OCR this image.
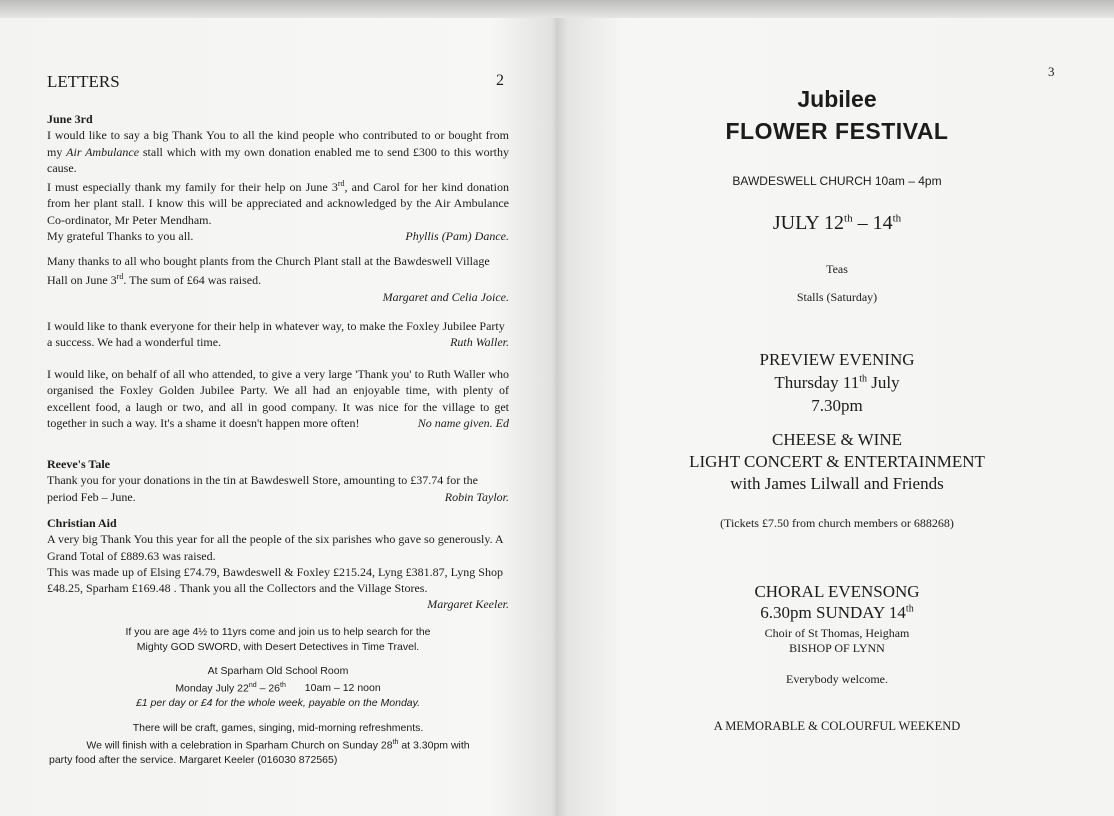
LETTERS	2

June 3rd

I would like to say a big Thank You to all the kind people who contributed to or bought from my Air Ambulance stall which with my own donation enabled me to send £300 to this worthy cause.

I must especially thank my family for their help on June 3rd, and Carol for her kind donation from her plant stall. I know this will be appreciated and acknowledged by the Air Ambulance Co-ordinator, Mr Peter Mendham.

My grateful Thanks to you all.	Phyllis (Pam) Dance.

Many thanks to all who bought plants from the Church Plant stall at the Bawdeswell Village Hall on June 3rd. The sum of £64 was raised.

Margaret and Celia Joice.

I would like to thank everyone for their help in whatever way, to make the Foxley Jubilee Party a success. We had a wonderful time.	Ruth Waller.

I would like, on behalf of all who attended, to give a very large 'Thank you' to Ruth Waller who organised the Foxley Golden Jubilee Party. We all had an enjoyable time, with plenty of excellent food, a laugh or two, and all in good company. It was nice for the village to get together in such a way. It's a shame it doesn't happen more often!	No name given. Ed

Reeve's Tale

Thank you for your donations in the tin at Bawdeswell Store, amounting to £37.74 for the period Feb – June.	Robin Taylor.

Christian Aid

A very big Thank You this year for all the people of the six parishes who gave so generously. A Grand Total of £889.63 was raised.

This was made up of Elsing £74.79, Bawdeswell & Foxley £215.24, Lyng £381.87, Lyng Shop £48.25, Sparham £169.48 . Thank you all the Collectors and the Village Stores.
Margaret Keeler.

If you are age 4½ to 11yrs come and join us to help search for the

Mighty GOD SWORD, with Desert Detectives in Time Travel.

At Sparham Old School Room

Monday July 22nd – 26th 10am – 12 noon

£1 per day or £4 for the whole week, payable on the Monday.

There will be craft, games, singing, mid-morning refreshments.

We will finish with a celebration in Sparham Church on Sunday 28th at 3.30pm with

party food after the service. Margaret Keeler (016030 872565)

3
Jubilee
FLOWER FESTIVAL
BAWDESWELL CHURCH 10am – 4pm
JULY 12th – 14th
Teas
Stalls (Saturday)
PREVIEW EVENING
Thursday 11th July
7.30pm
CHEESE & WINE
LIGHT CONCERT & ENTERTAINMENT
with James Lilwall and Friends
(Tickets £7.50 from church members or 688268)
CHORAL EVENSONG
6.30pm SUNDAY 14th
Choir of St Thomas, Heigham
BISHOP OF LYNN
Everybody welcome.
A MEMORABLE & COLOURFUL WEEKEND
